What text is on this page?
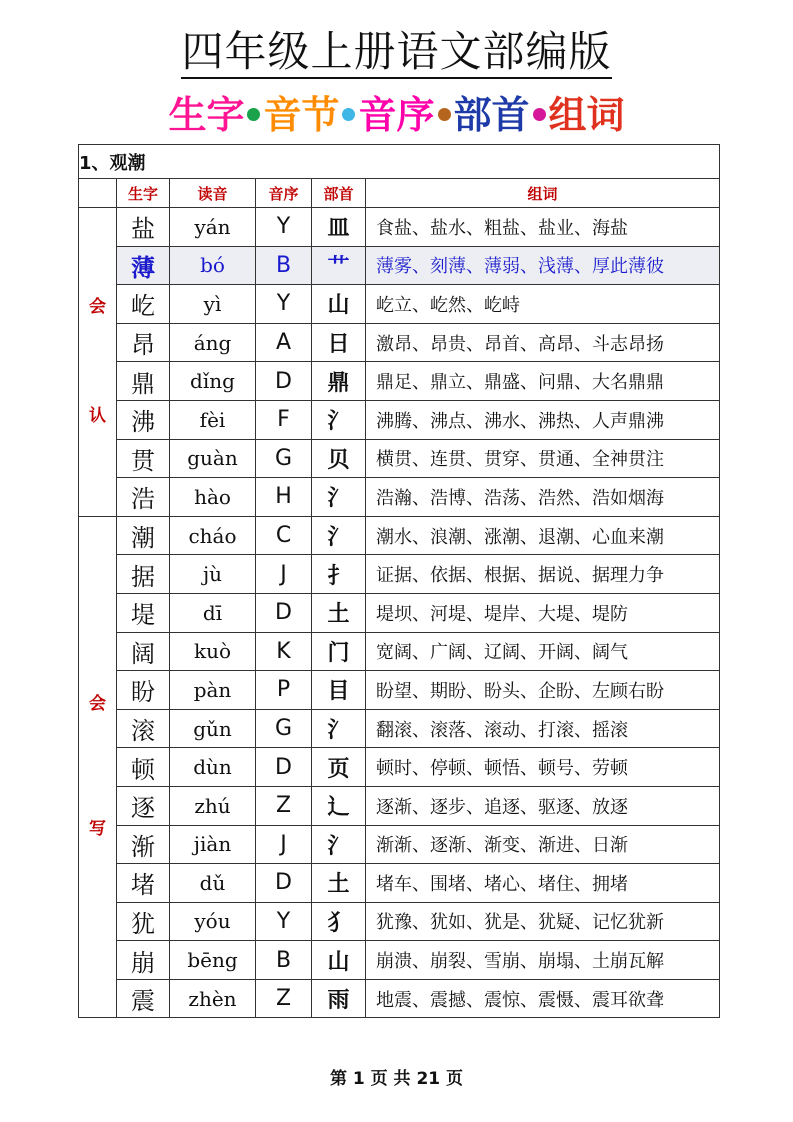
四年级上册语文部编版
生字 音节 音序 部首 组词
1、观潮					
	生字	读音	音序	部首	组词

会
认	盐	yán	Y	皿	食盐、盐水、粗盐、盐业、海盐
	薄	bó	B	艹	薄雾、刻薄、薄弱、浅薄、厚此薄彼
	屹	yì	Y	山	屹立、屹然、屹峙
	昂	áng	A	日	激昂、昂贵、昂首、高昂、斗志昂扬
	鼎	dǐng	D	鼎	鼎足、鼎立、鼎盛、问鼎、大名鼎鼎
	沸	fèi	F	氵	沸腾、沸点、沸水、沸热、人声鼎沸
	贯	guàn	G	贝	横贯、连贯、贯穿、贯通、全神贯注
	浩	hào	H	氵	浩瀚、浩博、浩荡、浩然、浩如烟海

会
写	潮	cháo	C	氵	潮水、浪潮、涨潮、退潮、心血来潮
	据	jù	J	扌	证据、依据、根据、据说、据理力争
	堤	dī	D	土	堤坝、河堤、堤岸、大堤、堤防
	阔	kuò	K	门	宽阔、广阔、辽阔、开阔、阔气
	盼	pàn	P	目	盼望、期盼、盼头、企盼、左顾右盼
	滚	gǔn	G	氵	翻滚、滚落、滚动、打滚、摇滚
	顿	dùn	D	页	顿时、停顿、顿悟、顿号、劳顿
	逐	zhú	Z	辶	逐渐、逐步、追逐、驱逐、放逐
	渐	jiàn	J	氵	渐渐、逐渐、渐变、渐进、日渐
	堵	dǔ	D	土	堵车、围堵、堵心、堵住、拥堵
	犹	yóu	Y	犭	犹豫、犹如、犹是、犹疑、记忆犹新
	崩	bēng	B	山	崩溃、崩裂、雪崩、崩塌、土崩瓦解
	震	zhèn	Z	雨	地震、震撼、震惊、震慑、震耳欲聋
第 1 页 共 21 页
